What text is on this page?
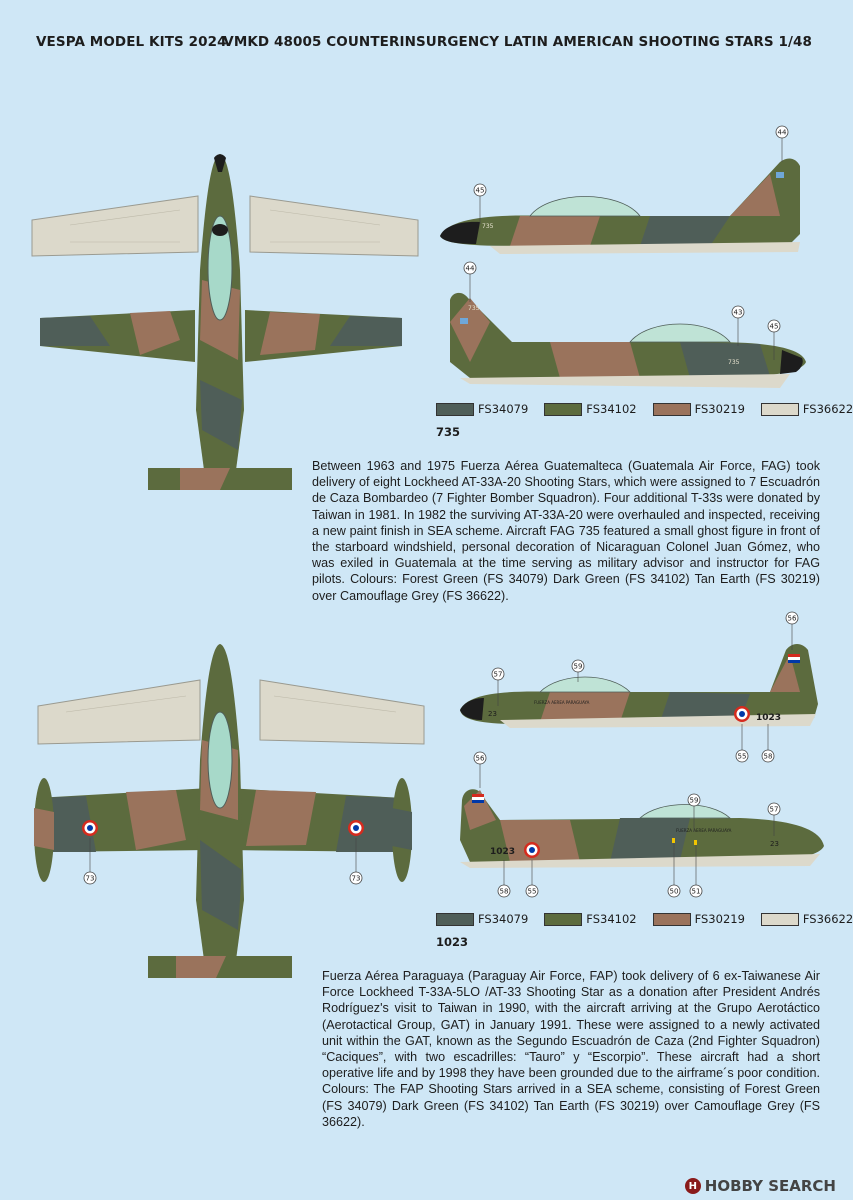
VESPA MODEL KITS 2024
VMKD 48005 COUNTERINSURGENCY LATIN AMERICAN SHOOTING STARS 1/48
735
735
735
44
45
44
43
45
FS34079	FS34102	FS30219	FS36622
735
Between 1963 and 1975 Fuerza Aérea Guatemalteca (Guatemala Air Force, FAG) took delivery of eight Lockheed AT-33A-20 Shooting Stars, which were assigned to 7 Escuadrón de Caza Bombardeo (7 Fighter Bomber Squadron). Four additional T-33s were donated by Taiwan in 1981. In 1982 the surviving AT-33A-20 were overhauled and inspected, receiving a new paint finish in SEA scheme. Aircraft FAG 735 featured a small ghost figure in front of the starboard windshield, personal decoration of Nicaraguan Colonel Juan Gómez, who was exiled in Guatemala at the time serving as military advisor and instructor for FAG pilots. Colours: Forest Green (FS 34079) Dark Green (FS 34102) Tan Earth (FS 30219) over Camouflage Grey (FS 36622).
73	73
23
FUERZA AEREA PARAGUAYA
1023
1023
FUERZA AEREA PARAGUAYA
23
59
57
56
55 58
56
59
57
58	55	50 51
FS34079	FS34102	FS30219	FS36622
1023
Fuerza Aérea Paraguaya (Paraguay Air Force, FAP) took delivery of 6 ex-Taiwanese Air Force Lockheed T-33A-5LO /AT-33 Shooting Star as a donation after President Andrés Rodríguez's visit to Taiwan in 1990, with the aircraft arriving at the Grupo Aerotáctico (Aerotactical Group, GAT) in January 1991. These were assigned to a newly activated unit within the GAT, known as the Segundo Escuadrón de Caza (2nd Fighter Squadron) “Caciques”, with two escadrilles: “Tauro” y “Escorpio”. These aircraft had a short operative life and by 1998 they have been grounded due to the airframe´s poor condition. Colours: The FAP Shooting Stars arrived in a SEA scheme, consisting of Forest Green (FS 34079) Dark Green (FS 34102) Tan Earth (FS 30219) over Camouflage Grey (FS 36622).
H HOBBY SEARCH
